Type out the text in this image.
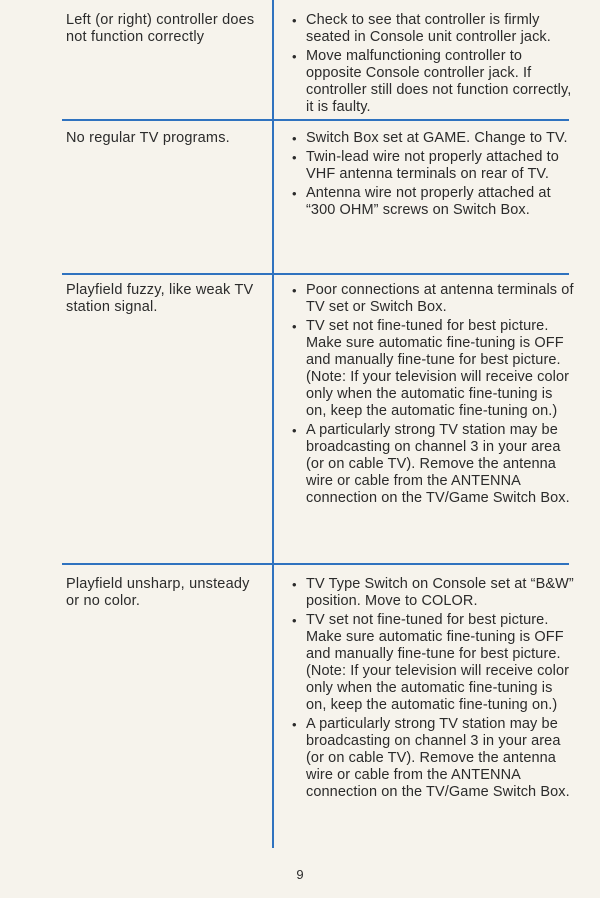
Left (or right) controller does not function correctly
• Check to see that controller is firmly seated in Console unit controller jack.
• Move malfunctioning controller to opposite Console controller jack. If controller still does not function correctly, it is faulty.
No regular TV programs.	• Switch Box set at GAME. Change to TV.
• Twin-lead wire not properly attached to VHF antenna terminals on rear of TV.
• Antenna wire not properly attached at “300 OHM” screws on Switch Box.
Playfield fuzzy, like weak TV station signal.
• Poor connections at antenna terminals of TV set or Switch Box.
• TV set not fine-tuned for best picture. Make sure automatic fine-tuning is OFF and manually fine-tune for best picture. (Note: If your television will receive color only when the automatic fine-tuning is on, keep the automatic fine-tuning on.)
• A particularly strong TV station may be broadcasting on channel 3 in your area (or on cable TV). Remove the antenna wire or cable from the ANTENNA connection on the TV/Game Switch Box.
Playfield unsharp, unsteady or no color.
• TV Type Switch on Console set at “B&W” position. Move to COLOR.
• TV set not fine-tuned for best picture. Make sure automatic fine-tuning is OFF and manually fine-tune for best picture. (Note: If your television will receive color only when the automatic fine-tuning is on, keep the automatic fine-tuning on.)
• A particularly strong TV station may be broadcasting on channel 3 in your area (or on cable TV). Remove the antenna wire or cable from the ANTENNA connection on the TV/Game Switch Box.
9
